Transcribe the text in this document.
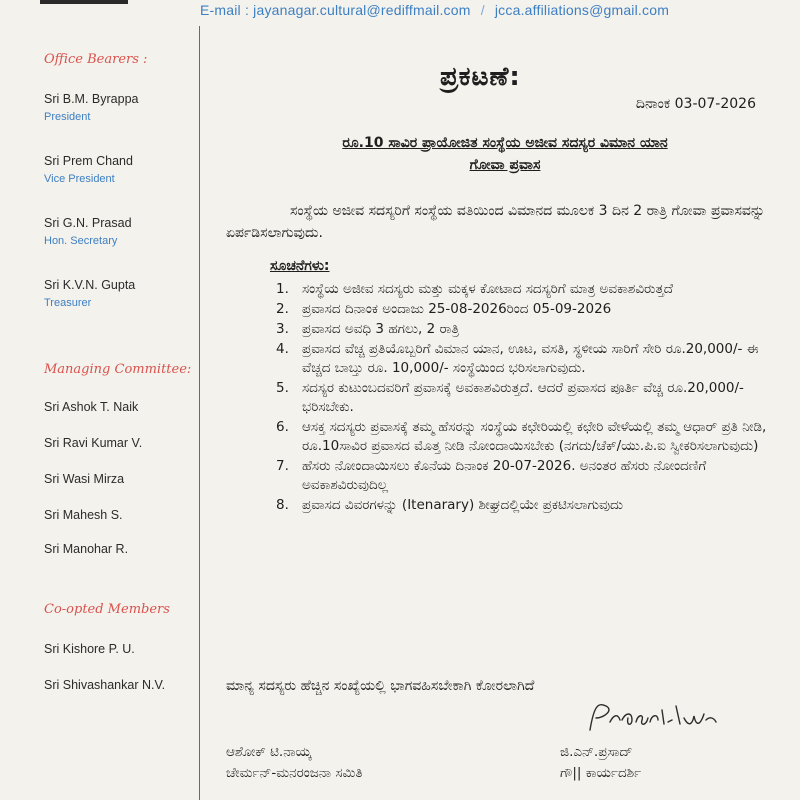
E-mail : jayanagar.cultural@rediffmail.com / jcca.affiliations@gmail.com
Office Bearers :
Sri B.M. Byrappa
President
Sri Prem Chand
Vice President
Sri G.N. Prasad
Hon. Secretary
Sri K.V.N. Gupta
Treasurer
Managing Committee:
Sri Ashok T. Naik
Sri Ravi Kumar V.
Sri Wasi Mirza
Sri Mahesh S.
Sri Manohar R.
Co-opted Members
Sri Kishore P. U.
Sri Shivashankar N.V.
ಪ್ರಕಟಣೆ:
ದಿನಾಂಕ 03-07-2026
ರೂ.10 ಸಾವಿರ ಪ್ರಾಯೋಜಿತ ಸಂಸ್ಥೆಯ ಅಜೀವ ಸದಸ್ಯರ ವಿಮಾನ ಯಾನ
ಗೋವಾ ಪ್ರವಾಸ
ಸಂಸ್ಥೆಯ ಅಜೀವ ಸದಸ್ಯರಿಗೆ ಸಂಸ್ಥೆಯ ವತಿಯಿಂದ ವಿಮಾನದ ಮೂಲಕ 3 ದಿನ 2 ರಾತ್ರಿ ಗೋವಾ ಪ್ರವಾಸವನ್ನು ಏರ್ಪಡಿಸಲಾಗುವುದು.
ಸೂಚನೆಗಳು:
1. ಸಂಸ್ಥೆಯ ಅಜೀವ ಸದಸ್ಯರು ಮತ್ತು ಮಕ್ಕಳ ಕೋಟಾದ ಸದಸ್ಯರಿಗೆ ಮಾತ್ರ ಅವಕಾಶವಿರುತ್ತದೆ
2. ಪ್ರವಾಸದ ದಿನಾಂಕ ಅಂದಾಜು 25-08-2026ರಿಂದ 05-09-2026
3. ಪ್ರವಾಸದ ಅವಧಿ 3 ಹಗಲು, 2 ರಾತ್ರಿ
4. ಪ್ರವಾಸದ ವೆಚ್ಚ ಪ್ರತಿಯೊಬ್ಬರಿಗೆ ವಿಮಾನ ಯಾನ, ಊಟ, ವಸತಿ, ಸ್ಥಳೀಯ ಸಾರಿಗೆ ಸೇರಿ ರೂ.20,000/- ಈ ವೆಚ್ಚದ ಬಾಬ್ತು ರೂ. 10,000/- ಸಂಸ್ಥೆಯಿಂದ ಭರಿಸಲಾಗುವುದು.
5. ಸದಸ್ಯರ ಕುಟುಂಬದವರಿಗೆ ಪ್ರವಾಸಕ್ಕೆ ಅವಕಾಶವಿರುತ್ತದೆ. ಆದರೆ ಪ್ರವಾಸದ ಪೂರ್ತಿ ವೆಚ್ಚ ರೂ.20,000/- ಭರಿಸಬೇಕು.
6. ಆಸಕ್ತ ಸದಸ್ಯರು ಪ್ರವಾಸಕ್ಕೆ ತಮ್ಮ ಹೆಸರನ್ನು ಸಂಸ್ಥೆಯ ಕಛೇರಿಯಲ್ಲಿ ಕಛೇರಿ ವೇಳೆಯಲ್ಲಿ ತಮ್ಮ ಆಧಾರ್ ಪ್ರತಿ ನೀಡಿ, ರೂ.10ಸಾವಿರ ಪ್ರವಾಸದ ಮೊತ್ತ ನೀಡಿ ನೋಂದಾಯಿಸಬೇಕು (ನಗದು/ಚೆಕ್/ಯು.ಪಿ.ಐ ಸ್ವೀಕರಿಸಲಾಗುವುದು)
7. ಹೆಸರು ನೋಂದಾಯಿಸಲು ಕೊನೆಯ ದಿನಾಂಕ 20-07-2026. ಅನಂತರ ಹೆಸರು ನೋಂದಣಿಗೆ ಅವಕಾಶವಿರುವುದಿಲ್ಲ
8. ಪ್ರವಾಸದ ವಿವರಗಳನ್ನು (Itenarary) ಶೀಘ್ರದಲ್ಲಿಯೇ ಪ್ರಕಟಿಸಲಾಗುವುದು
ಮಾನ್ಯ ಸದಸ್ಯರು ಹೆಚ್ಚಿನ ಸಂಖ್ಯೆಯಲ್ಲಿ ಭಾಗವಹಿಸಬೇಕಾಗಿ ಕೋರಲಾಗಿದೆ
ಆಶೋಕ್ ಟಿ.ನಾಯ್ಕ
ಚೇರ್ಮನ್-ಮನರಂಜನಾ ಸಮಿತಿ
ಜಿ.ಎನ್.ಪ್ರಸಾದ್
ಗೌ|| ಕಾರ್ಯದರ್ಶಿ
